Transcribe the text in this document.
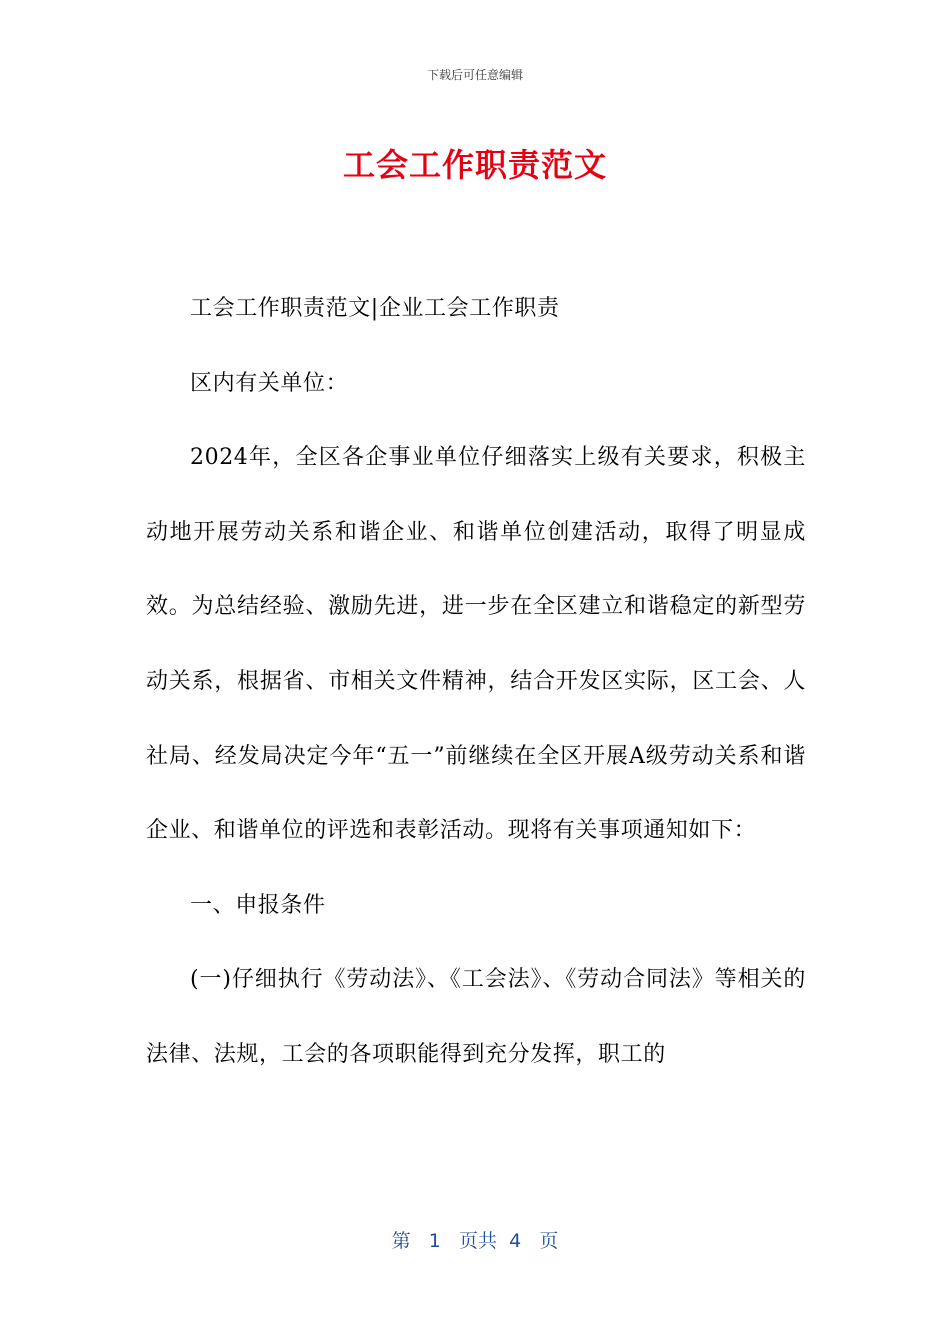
下载后可任意编辑
工会工作职责范文

工会工作职责范文|企业工会工作职责

区内有关单位：

2024年，全区各企事业单位仔细落实上级有关要求，积极主动地开展劳动关系和谐企业、和谐单位创建活动，取得了明显成效。为总结经验、激励先进，进一步在全区建立和谐稳定的新型劳动关系，根据省、市相关文件精神，结合开发区实际，区工会、人社局、经发局决定今年“五一”前继续在全区开展A级劳动关系和谐企业、和谐单位的评选和表彰活动。现将有关事项通知如下：

一、申报条件

(一)仔细执行《劳动法》、《工会法》、《劳动合同法》等相关的法律、法规，工会的各项职能得到充分发挥，职工的

第 1 页共 4 页
